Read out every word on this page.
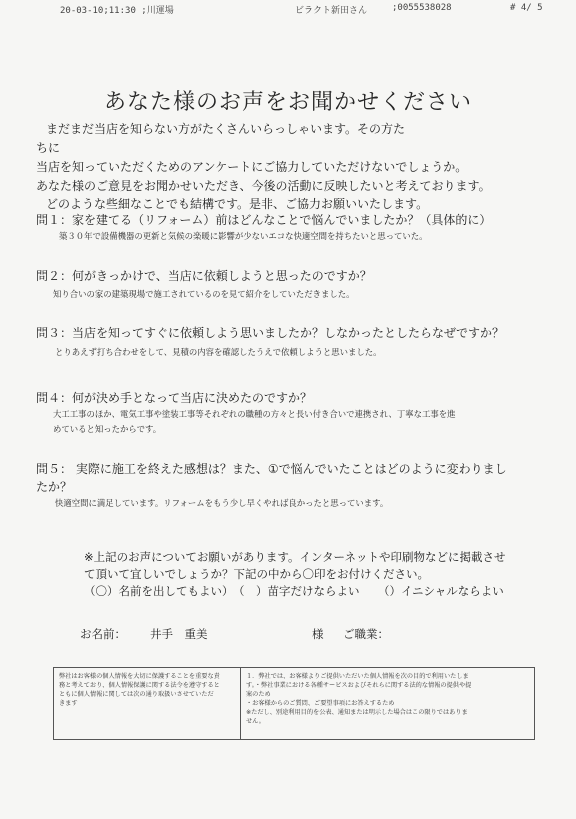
20-03-10;11:30 ;川運場	ビラクト新田さん	;0055538028	# 4/ 5
あなた様のお声をお聞かせください
まだまだ当店を知らない方がたくさんいらっしゃいます。その方た
ちに
当店を知っていただくためのアンケートにご協力していただけないでしょうか。
あなた様のご意見をお聞かせいただき、今後の活動に反映したいと考えております。
どのような些細なことでも結構です。是非、ご協力お願いいたします。
問１：家を建てる（リフォーム）前はどんなことで悩んでいましたか？（具体的に）
築３０年で設備機器の更新と気候の楽暖に影響が少ないエコな快適空間を持ちたいと思っていた。
問２：何がきっかけで、当店に依頼しようと思ったのですか？
知り合いの家の建築現場で施工されているのを見て紹介をしていただきました。
問３：当店を知ってすぐに依頼しよう思いましたか？しなかったとしたらなぜですか？
とりあえず打ち合わせをして、見積の内容を確認したうえで依頼しようと思いました。
問４：何が決め手となって当店に決めたのですか？
大工工事のほか、電気工事や塗装工事等それぞれの職種の方々と長い付き合いで連携され、丁寧な工事を進
めていると知ったからです。
問５： 実際に施工を終えた感想は？また、①で悩んでいたことはどのように変わりまし
たか？
快適空間に満足しています。リフォームをもう少し早くやれば良かったと思っています。
※上記のお声についてお願いがあります。インターネットや印刷物などに掲載させ
て頂いて宜しいでしょうか？下記の中から〇印をお付けください。
（〇）名前を出してもよい） （　）苗字だけならよい （）イニシャルならよい
お名前： 井手　重美	様 ご職業：
弊社はお客様の個人情報を大切に保護することを重要な責
務と考えており、個人情報保護に関する法令を遵守すると
ともに個人情報に関しては次の通り取扱いさせていただ
きます
１．弊社では、お客様よりご提供いただいた個人情報を次の目的で利用いたしま
す。・弊社事業における各種サービスおよびそれらに関する法的な情報の提供や提
案のため
・お客様からのご質問、ご要望事項にお答えするため
※ただし、別途利用目的を公表、通知または明示した場合はこの限りではありま
せん。
